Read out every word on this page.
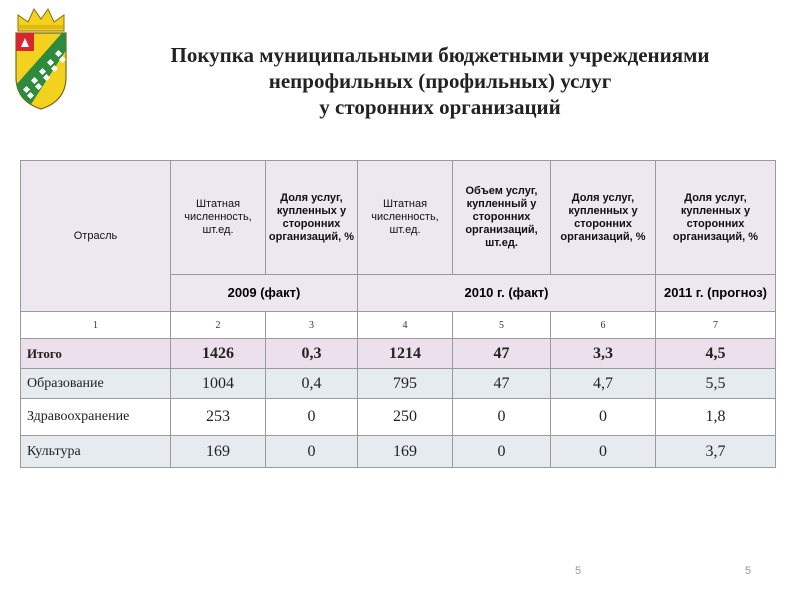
Покупка муниципальными бюджетными учреждениями
непрофильных (профильных) услуг
у сторонних организаций
Отрасль	Штатная численность, шт.ед.	Доля услуг, купленных у сторонних организаций, %	Штатная численность, шт.ед.	Объем услуг, купленный у сторонних организаций, шт.ед.	Доля услуг, купленных у сторонних организаций, %	Доля услуг, купленных у сторонних организаций, %
	2009 (факт)		2010 г. (факт)			2011 г. (прогноз)
1	2	3	4	5	6	7
Итого	1426	0,3	1214	47	3,3	4,5
Образование	1004	0,4	795	47	4,7	5,5
Здравоохранение	253	0	250	0	0	1,8
Культура	169	0	169	0	0	3,7
5	5
